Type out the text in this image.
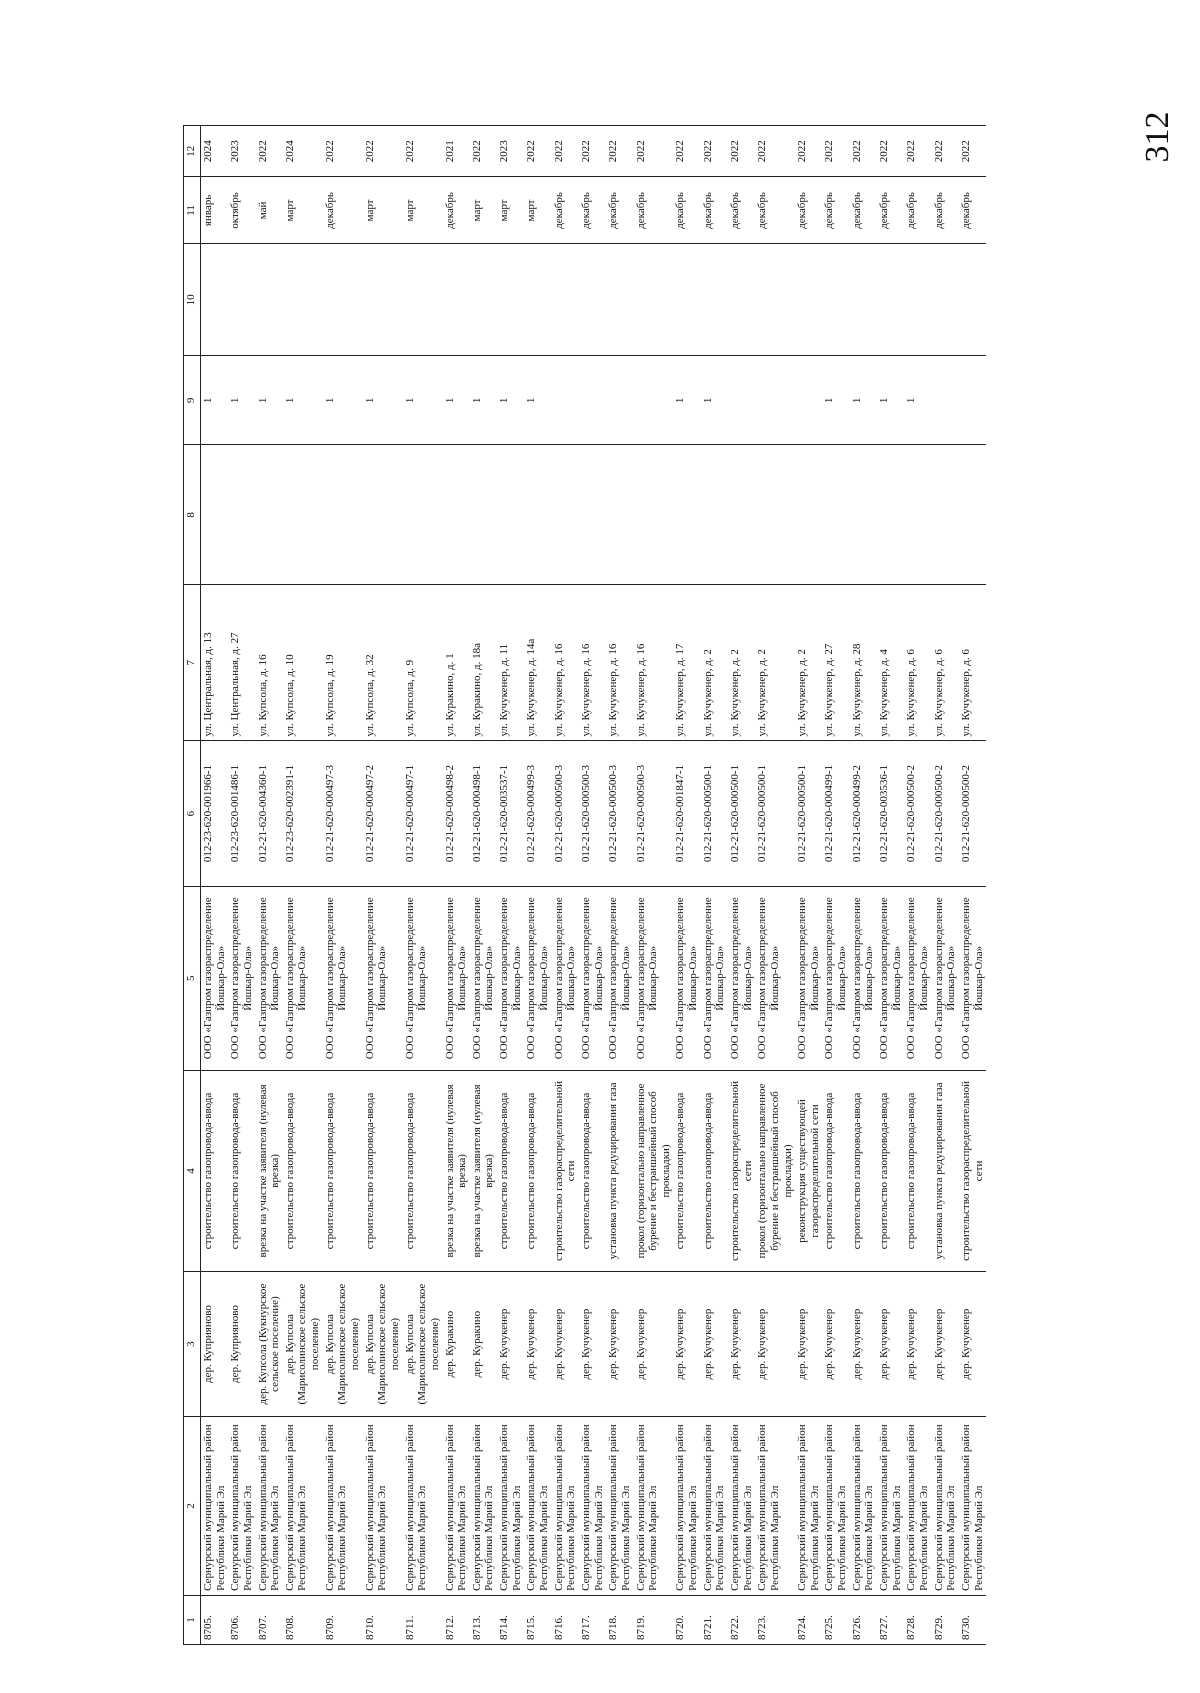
312
1	2	3	4	5	6	7	8	9	10	11	12
8705.	Сернурский муниципальный район Республики Марий Эл	дер. Куприяново	строительство газопровода-ввода	ООО «Газпром газораспределение Йошкар-Ола»	012-23-620-001966-1	ул. Центральная, д. 13		1		январь	2024
8706.	Сернурский муниципальный район Республики Марий Эл	дер. Куприяново	строительство газопровода-ввода	ООО «Газпром газораспределение Йошкар-Ола»	012-23-620-001486-1	ул. Центральная, д. 27		1		октябрь	2023
8707.	Сернурский муниципальный район Республики Марий Эл	дер. Купсола (Кукнурское сельское поселение)	врезка на участке заявителя (нулевая врезка)	ООО «Газпром газораспределение Йошкар-Ола»	012-21-620-004360-1	ул. Купсола, д. 16		1		май	2022
8708.	Сернурский муниципальный район Республики Марий Эл	дер. Купсола (Марисолинское сельское поселение)	строительство газопровода-ввода	ООО «Газпром газораспределение Йошкар-Ола»	012-23-620-002391-1	ул. Купсола, д. 10		1		март	2024
8709.	Сернурский муниципальный район Республики Марий Эл	дер. Купсола (Марисолинское сельское поселение)	строительство газопровода-ввода	ООО «Газпром газораспределение Йошкар-Ола»	012-21-620-000497-3	ул. Купсола, д. 19		1		декабрь	2022
8710.	Сернурский муниципальный район Республики Марий Эл	дер. Купсола (Марисолинское сельское поселение)	строительство газопровода-ввода	ООО «Газпром газораспределение Йошкар-Ола»	012-21-620-000497-2	ул. Купсола, д. 32		1		март	2022
8711.	Сернурский муниципальный район Республики Марий Эл	дер. Купсола (Марисолинское сельское поселение)	строительство газопровода-ввода	ООО «Газпром газораспределение Йошкар-Ола»	012-21-620-000497-1	ул. Купсола, д. 9		1		март	2022
8712.	Сернурский муниципальный район Республики Марий Эл	дер. Куракино	врезка на участке заявителя (нулевая врезка)	ООО «Газпром газораспределение Йошкар-Ола»	012-21-620-000498-2	ул. Куракино, д. 1		1		декабрь	2021
8713.	Сернурский муниципальный район Республики Марий Эл	дер. Куракино	врезка на участке заявителя (нулевая врезка)	ООО «Газпром газораспределение Йошкар-Ола»	012-21-620-000498-1	ул. Куракино, д. 18а		1		март	2022
8714.	Сернурский муниципальный район Республики Марий Эл	дер. Кучукенер	строительство газопровода-ввода	ООО «Газпром газораспределение Йошкар-Ола»	012-21-620-003537-1	ул. Кучукенер, д. 11		1		март	2023
8715.	Сернурский муниципальный район Республики Марий Эл	дер. Кучукенер	строительство газопровода-ввода	ООО «Газпром газораспределение Йошкар-Ола»	012-21-620-000499-3	ул. Кучукенер, д. 14а		1		март	2022
8716.	Сернурский муниципальный район Республики Марий Эл	дер. Кучукенер	строительство газораспределительной сети	ООО «Газпром газораспределение Йошкар-Ола»	012-21-620-000500-3	ул. Кучукенер, д. 16				декабрь	2022
8717.	Сернурский муниципальный район Республики Марий Эл	дер. Кучукенер	строительство газопровода-ввода	ООО «Газпром газораспределение Йошкар-Ола»	012-21-620-000500-3	ул. Кучукенер, д. 16				декабрь	2022
8718.	Сернурский муниципальный район Республики Марий Эл	дер. Кучукенер	установка пункта редуцирования газа	ООО «Газпром газораспределение Йошкар-Ола»	012-21-620-000500-3	ул. Кучукенер, д. 16				декабрь	2022
8719.	Сернурский муниципальный район Республики Марий Эл	дер. Кучукенер	прокол (горизонтально направленное бурение и бестраншейный способ прокладки)	ООО «Газпром газораспределение Йошкар-Ола»	012-21-620-000500-3	ул. Кучукенер, д. 16				декабрь	2022
8720.	Сернурский муниципальный район Республики Марий Эл	дер. Кучукенер	строительство газопровода-ввода	ООО «Газпром газораспределение Йошкар-Ола»	012-21-620-001847-1	ул. Кучукенер, д. 17		1		декабрь	2022
8721.	Сернурский муниципальный район Республики Марий Эл	дер. Кучукенер	строительство газопровода-ввода	ООО «Газпром газораспределение Йошкар-Ола»	012-21-620-000500-1	ул. Кучукенер, д. 2		1		декабрь	2022
8722.	Сернурский муниципальный район Республики Марий Эл	дер. Кучукенер	строительство газораспределительной сети	ООО «Газпром газораспределение Йошкар-Ола»	012-21-620-000500-1	ул. Кучукенер, д. 2				декабрь	2022
8723.	Сернурский муниципальный район Республики Марий Эл	дер. Кучукенер	прокол (горизонтально направленное бурение и бестраншейный способ прокладки)	ООО «Газпром газораспределение Йошкар-Ола»	012-21-620-000500-1	ул. Кучукенер, д. 2				декабрь	2022
8724.	Сернурский муниципальный район Республики Марий Эл	дер. Кучукенер	реконструкция существующей газораспределительной сети	ООО «Газпром газораспределение Йошкар-Ола»	012-21-620-000500-1	ул. Кучукенер, д. 2				декабрь	2022
8725.	Сернурский муниципальный район Республики Марий Эл	дер. Кучукенер	строительство газопровода-ввода	ООО «Газпром газораспределение Йошкар-Ола»	012-21-620-000499-1	ул. Кучукенер, д. 27		1		декабрь	2022
8726.	Сернурский муниципальный район Республики Марий Эл	дер. Кучукенер	строительство газопровода-ввода	ООО «Газпром газораспределение Йошкар-Ола»	012-21-620-000499-2	ул. Кучукенер, д. 28		1		декабрь	2022
8727.	Сернурский муниципальный район Республики Марий Эл	дер. Кучукенер	строительство газопровода-ввода	ООО «Газпром газораспределение Йошкар-Ола»	012-21-620-003536-1	ул. Кучукенер, д. 4		1		декабрь	2022
8728.	Сернурский муниципальный район Республики Марий Эл	дер. Кучукенер	строительство газопровода-ввода	ООО «Газпром газораспределение Йошкар-Ола»	012-21-620-000500-2	ул. Кучукенер, д. 6		1		декабрь	2022
8729.	Сернурский муниципальный район Республики Марий Эл	дер. Кучукенер	установка пункта редуцирования газа	ООО «Газпром газораспределение Йошкар-Ола»	012-21-620-000500-2	ул. Кучукенер, д. 6				декабрь	2022
8730.	Сернурский муниципальный район Республики Марий Эл	дер. Кучукенер	строительство газораспределительной сети	ООО «Газпром газораспределение Йошкар-Ола»	012-21-620-000500-2	ул. Кучукенер, д. 6				декабрь	2022
